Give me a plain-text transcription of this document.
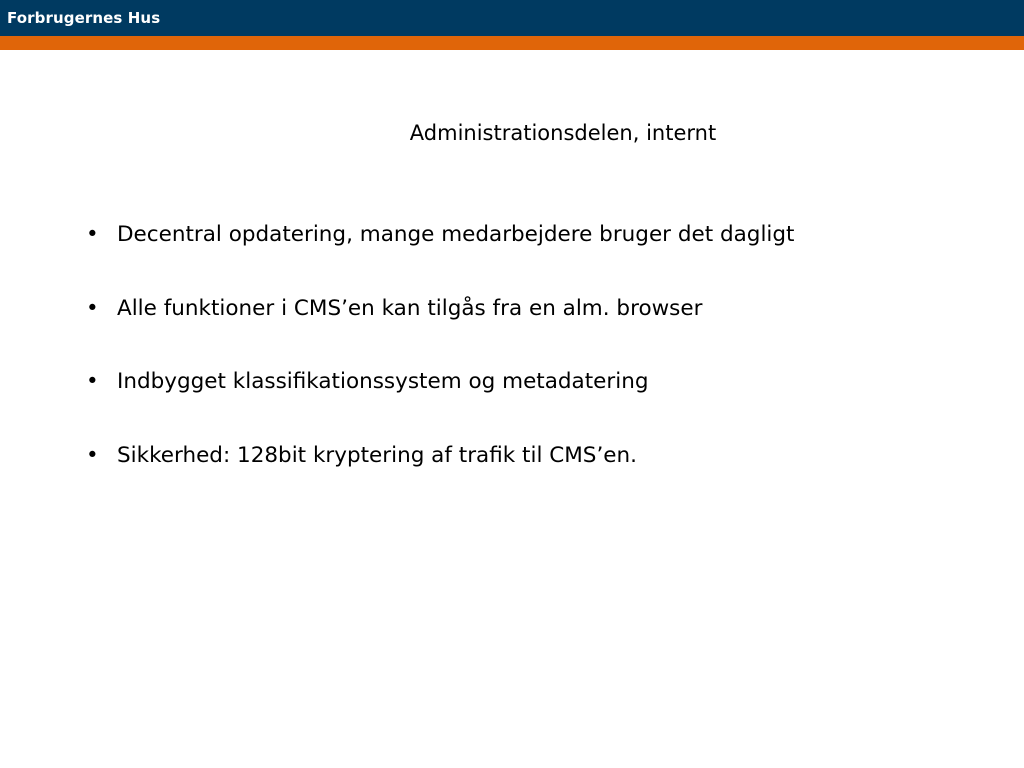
Forbrugernes Hus
Administrationsdelen, internt
• Decentral opdatering, mange medarbejdere bruger det dagligt
• Alle funktioner i CMS’en kan tilgås fra en alm. browser
• Indbygget klassifikationssystem og metadatering
• Sikkerhed: 128bit kryptering af trafik til CMS’en.
